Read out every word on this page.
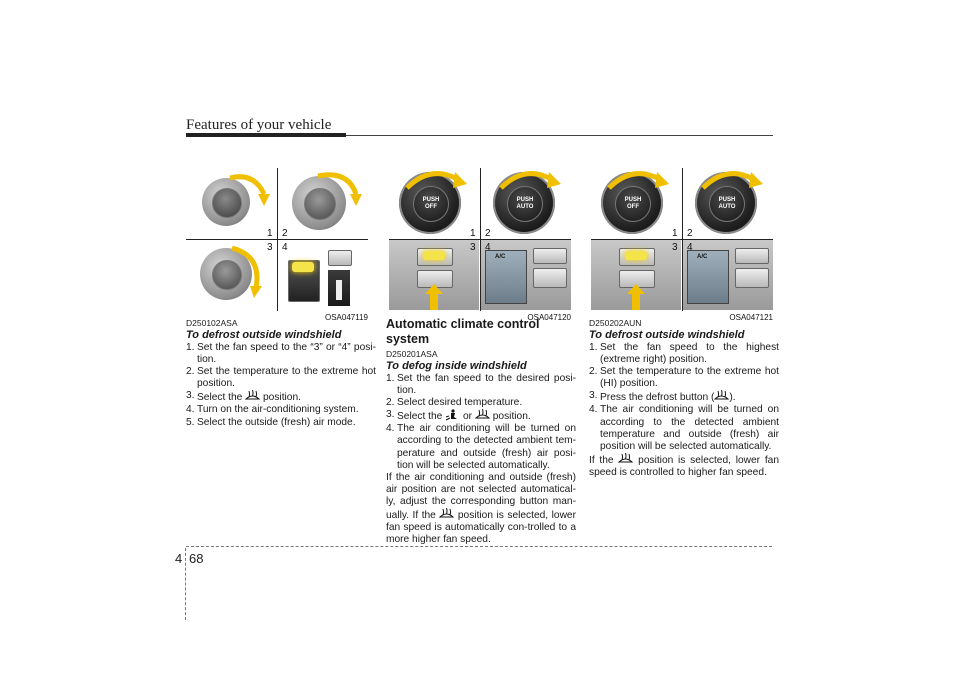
Features of your vehicle
1 2
3 4
OSA047119
PUSH
OFF
PUSH
AUTO
A/C
1 2
3 4
OSA047120
PUSH
OFF
PUSH
AUTO
A/C
1 2
3 4
OSA047121
D250102ASA
To defrost outside windshield
1. Set the fan speed to the “3” or “4” posi-tion.
2. Set the temperature to the extreme hot position.
3. Select the position.
4. Turn on the air-conditioning system.
5. Select the outside (fresh) air mode.
Automatic climate control system
D250201ASA
To defog inside windshield
1. Set the fan speed to the desired posi-tion.
2. Select desired temperature.
3. Select the or position.
4. The air conditioning will be turned on according to the detected ambient tem-perature and outside (fresh) air posi-tion will be selected automatically.
If the air conditioning and outside (fresh) air position are not selected automatical-ly, adjust the corresponding button man-ually. If the position is selected, lower fan speed is automatically con-trolled to a more higher fan speed.
D250202AUN
To defrost outside windshield
1. Set the fan speed to the highest (extreme right) position.
2. Set the temperature to the extreme hot (HI) position.
3. Press the defrost button ( ).
4. The air conditioning will be turned on according to the detected ambient temperature and outside (fresh) air position will be selected automatically.
If the position is selected, lower fan speed is controlled to higher fan speed.
4 68
